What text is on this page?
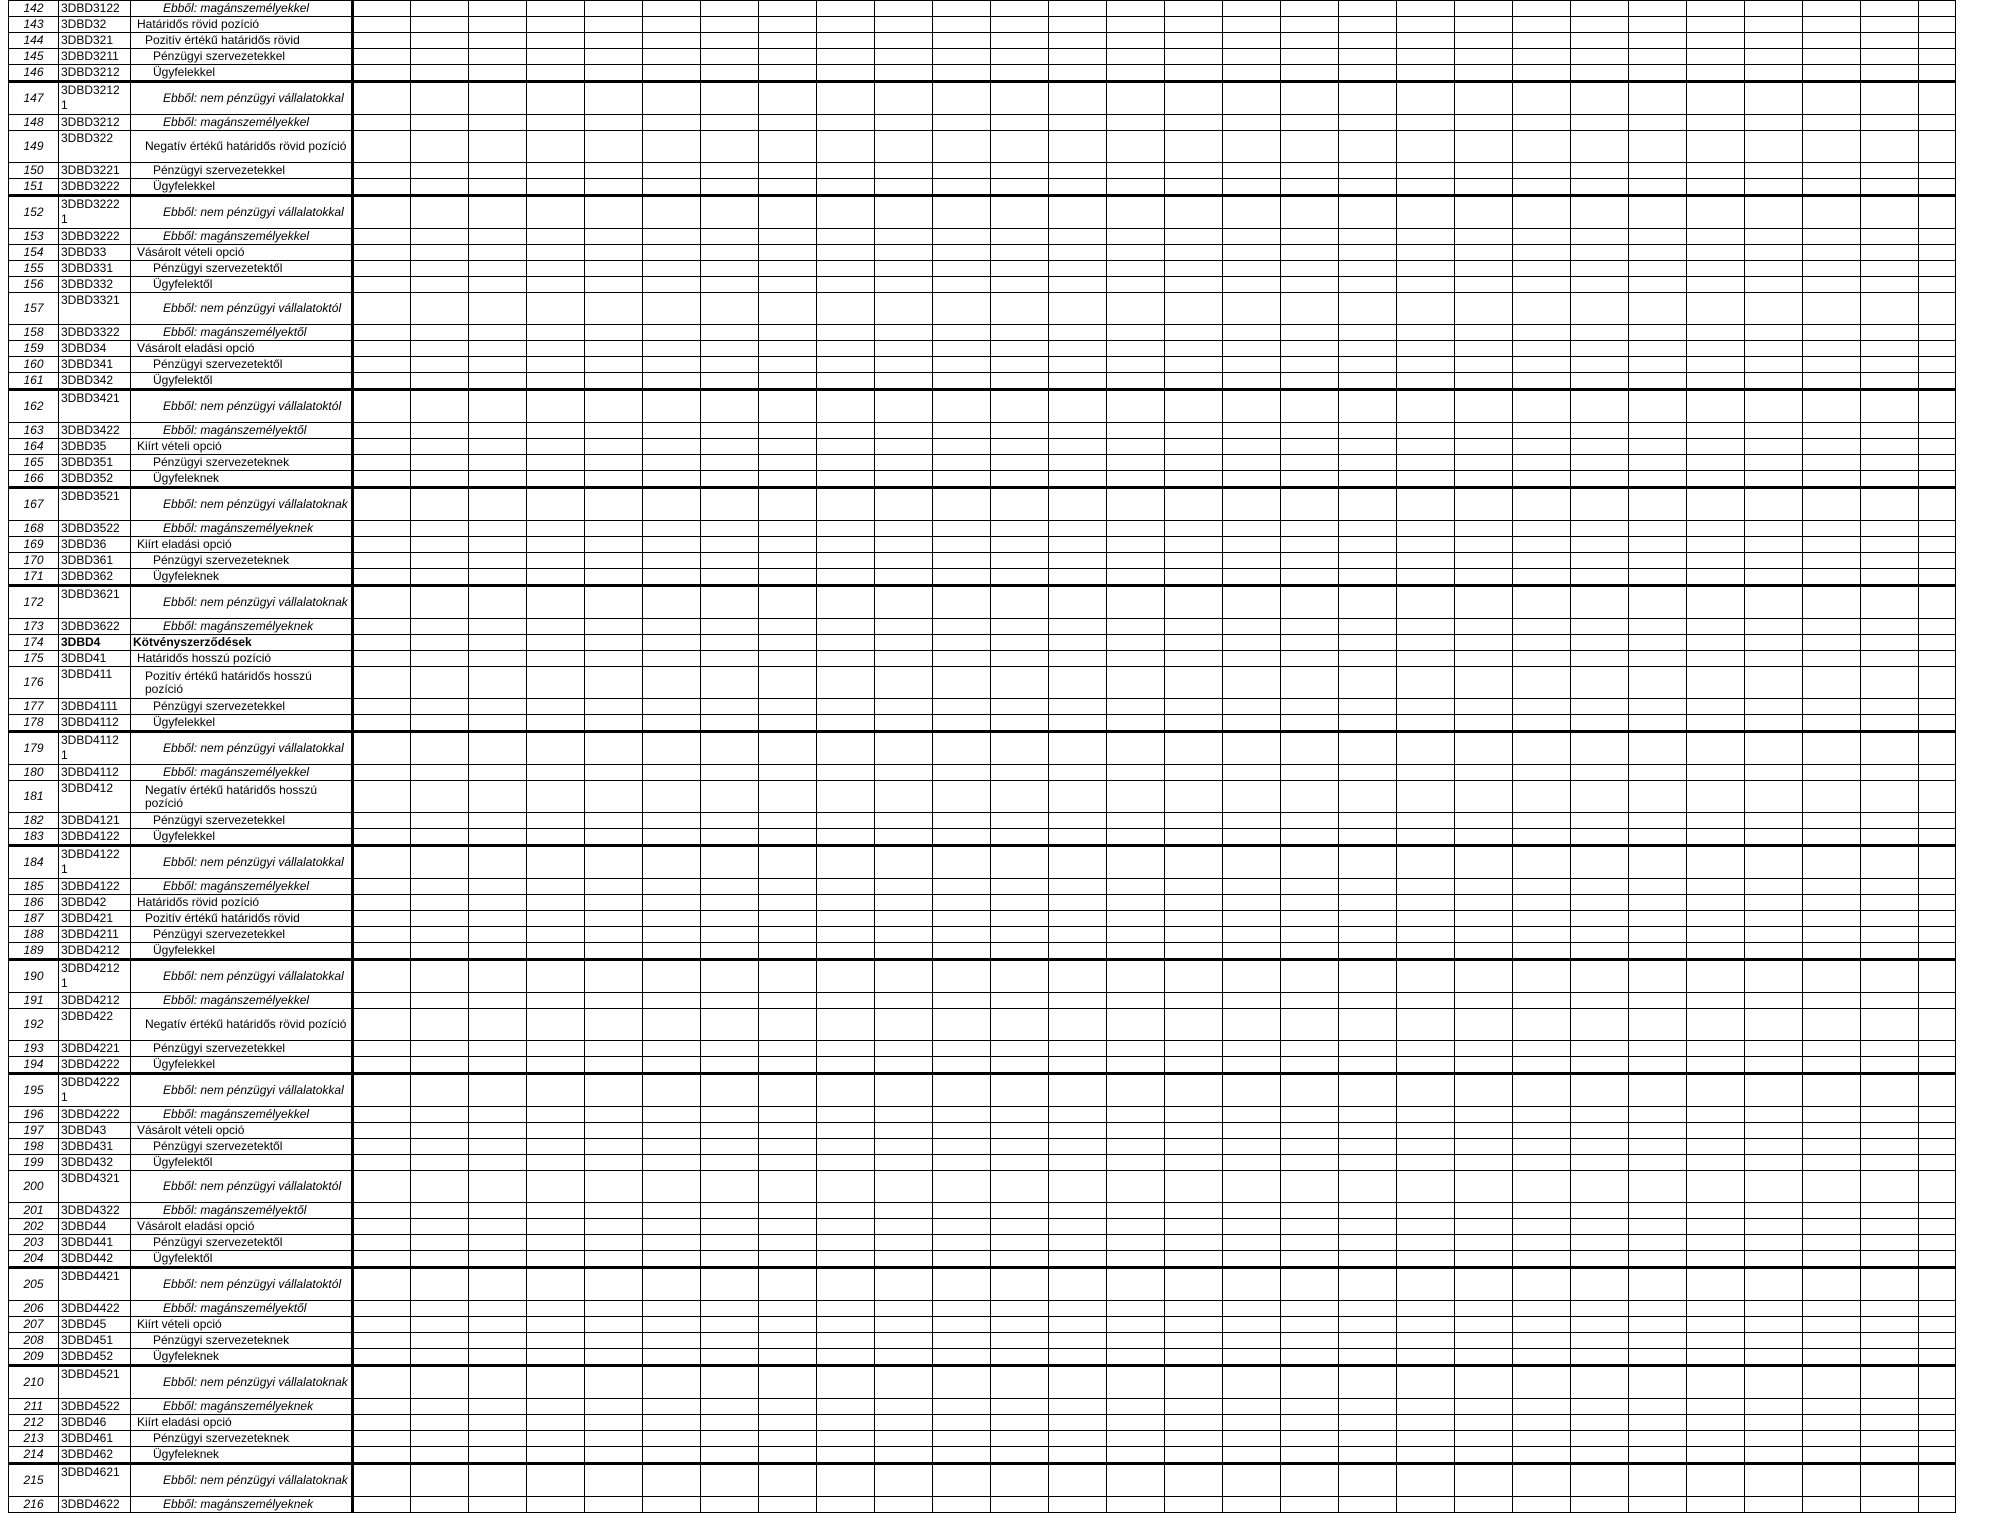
142	3DBD3122	Ebből: magánszemélyekkel																												
143	3DBD32	Határidős rövid pozíció																												
144	3DBD321	Pozitív értékű határidős rövid																												
145	3DBD3211	Pénzügyi szervezetekkel																												
146	3DBD3212	Ügyfelekkel																												
147	3DBD3212 1	Ebből: nem pénzügyi vállalatokkal																												
148	3DBD3212	Ebből: magánszemélyekkel																												
149	3DBD322	Negatív értékű határidős rövid pozíció																												
150	3DBD3221	Pénzügyi szervezetekkel																												
151	3DBD3222	Ügyfelekkel																												
152	3DBD3222 1	Ebből: nem pénzügyi vállalatokkal																												
153	3DBD3222	Ebből: magánszemélyekkel																												
154	3DBD33	Vásárolt vételi opció																												
155	3DBD331	Pénzügyi szervezetektől																												
156	3DBD332	Ügyfelektől																												
157	3DBD3321	Ebből: nem pénzügyi vállalatoktól																												
158	3DBD3322	Ebből: magánszemélyektől																												
159	3DBD34	Vásárolt eladási opció																												
160	3DBD341	Pénzügyi szervezetektől																												
161	3DBD342	Ügyfelektől																												
162	3DBD3421	Ebből: nem pénzügyi vállalatoktól																												
163	3DBD3422	Ebből: magánszemélyektől																												
164	3DBD35	Kiírt vételi opció																												
165	3DBD351	Pénzügyi szervezeteknek																												
166	3DBD352	Ügyfeleknek																												
167	3DBD3521	Ebből: nem pénzügyi vállalatoknak																												
168	3DBD3522	Ebből: magánszemélyeknek																												
169	3DBD36	Kiírt eladási opció																												
170	3DBD361	Pénzügyi szervezeteknek																												
171	3DBD362	Ügyfeleknek																												
172	3DBD3621	Ebből: nem pénzügyi vállalatoknak																												
173	3DBD3622	Ebből: magánszemélyeknek																												
174	3DBD4	Kötvényszerződések																												
175	3DBD41	Határidős hosszú pozíció																												
176	3DBD411	Pozitív értékű határidős hosszú pozíció																												
177	3DBD4111	Pénzügyi szervezetekkel																												
178	3DBD4112	Ügyfelekkel																												
179	3DBD4112 1	Ebből: nem pénzügyi vállalatokkal																												
180	3DBD4112	Ebből: magánszemélyekkel																												
181	3DBD412	Negatív értékű határidős hosszú pozíció																												
182	3DBD4121	Pénzügyi szervezetekkel																												
183	3DBD4122	Ügyfelekkel																												
184	3DBD4122 1	Ebből: nem pénzügyi vállalatokkal																												
185	3DBD4122	Ebből: magánszemélyekkel																												
186	3DBD42	Határidős rövid pozíció																												
187	3DBD421	Pozitív értékű határidős rövid																												
188	3DBD4211	Pénzügyi szervezetekkel																												
189	3DBD4212	Ügyfelekkel																												
190	3DBD4212 1	Ebből: nem pénzügyi vállalatokkal																												
191	3DBD4212	Ebből: magánszemélyekkel																												
192	3DBD422	Negatív értékű határidős rövid pozíció																												
193	3DBD4221	Pénzügyi szervezetekkel																												
194	3DBD4222	Ügyfelekkel																												
195	3DBD4222 1	Ebből: nem pénzügyi vállalatokkal																												
196	3DBD4222	Ebből: magánszemélyekkel																												
197	3DBD43	Vásárolt vételi opció																												
198	3DBD431	Pénzügyi szervezetektől																												
199	3DBD432	Ügyfelektől																												
200	3DBD4321	Ebből: nem pénzügyi vállalatoktól																												
201	3DBD4322	Ebből: magánszemélyektől																												
202	3DBD44	Vásárolt eladási opció																												
203	3DBD441	Pénzügyi szervezetektől																												
204	3DBD442	Ügyfelektől																												
205	3DBD4421	Ebből: nem pénzügyi vállalatoktól																												
206	3DBD4422	Ebből: magánszemélyektől																												
207	3DBD45	Kiírt vételi opció																												
208	3DBD451	Pénzügyi szervezeteknek																												
209	3DBD452	Ügyfeleknek																												
210	3DBD4521	Ebből: nem pénzügyi vállalatoknak																												
211	3DBD4522	Ebből: magánszemélyeknek																												
212	3DBD46	Kiírt eladási opció																												
213	3DBD461	Pénzügyi szervezeteknek																												
214	3DBD462	Ügyfeleknek																												
215	3DBD4621	Ebből: nem pénzügyi vállalatoknak																												
216	3DBD4622	Ebből: magánszemélyeknek																												
